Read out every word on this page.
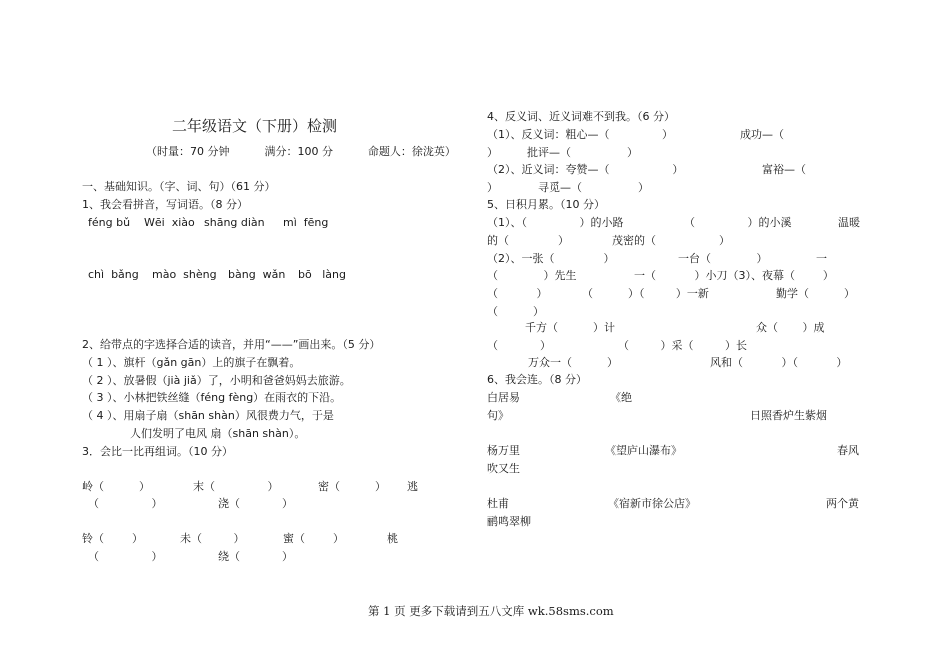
二年级语文（下册）检测
（时量：70 分钟          满分：100 分          命题人：徐泷英）
一、基础知识。（字、词、句）（61 分）
1、我会看拼音，写词语。（8 分）
féng bǔ Wēi  xiào shāng diàn mì  fēng
chì  bǎng mào  shèng bàng  wǎn bō   làng
2、给带点的字选择合适的读音，并用“——”画出来。（5 分）
（ 1 ）、旗杆（gǎn gān）上的旗子在飘着。
（ 2 ）、放暑假（jià jiǎ）了，小明和爸爸妈妈去旅游。
（ 3 ）、小林把铁丝缝（féng fèng）在雨衣的下沿。
（ 4 ）、用扇子扇（shān shàn）风很费力气，于是
人们发明了电风 扇（shān shàn）。
3．会比一比再组词。（10 分）
岭（          ）	末（               ）	密（          ） 逃
（               ）	浇（            ）
铃（        ）	未（         ）	蜜（        ）	桃
（               ）	绕（            ）
4、反义词、近义词难不到我。（6 分）
（1）、反义词：粗心—（               ）	成功—（
）	批评—（                ）
（2）、近义词：夸赞—（                  ）	富裕—（
）	寻觅—（                ）
5、日积月累。（10 分）
（1）、（               ）的小路	（               ）的小溪	温暖
的（              ）	茂密的（                  ）
（2）、一张（              ）	一台（             ）	一
（             ）先生	一（           ）小刀（3）、夜幕（        ）
（           ）	（          ）（         ）一新	勤学（          ）
（          ）
千方（          ）计	众（       ）成
（            ）	（         ）采（         ）长
万众一（          ）	风和（           ）（           ）
6、我会连。（8 分）
白居易	《绝
句》	日照香炉生紫烟
杨万里	《望庐山瀑布》	春风
吹又生
杜甫	《宿新市徐公店》	两个黄
鹂鸣翠柳
第 1 页 更多下载请到五八文库 wk.58sms.com
